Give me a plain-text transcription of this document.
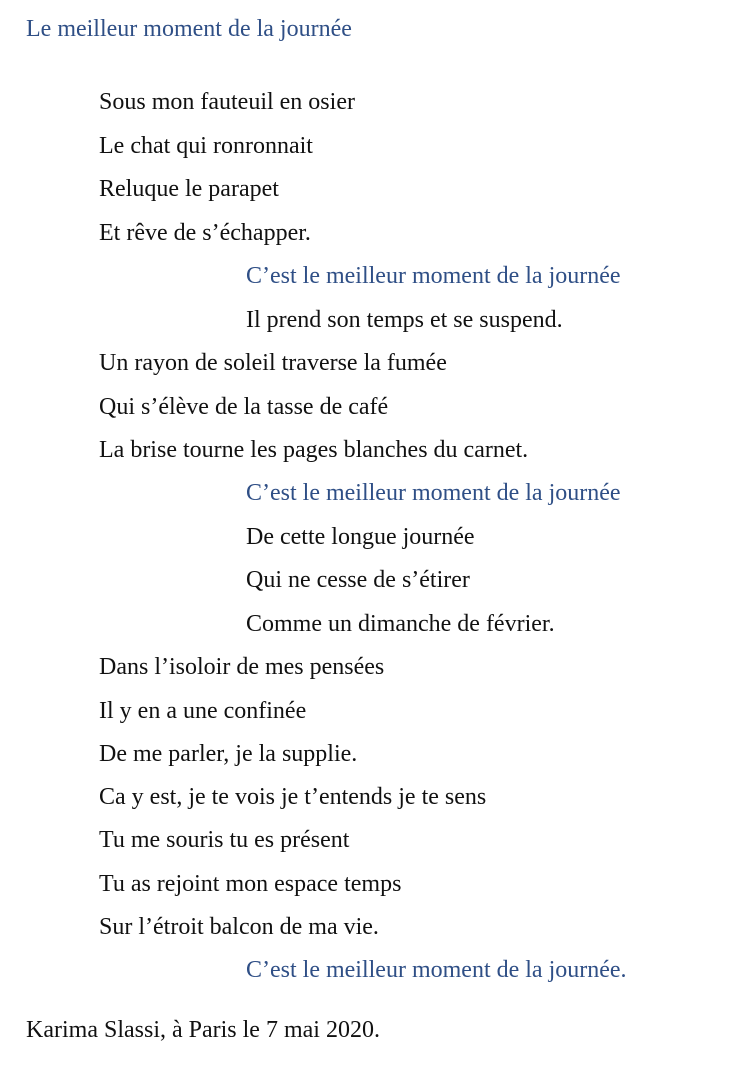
Le meilleur moment de la journée
Sous mon fauteuil en osier
Le chat qui ronronnait
Reluque le parapet
Et rêve de s’échapper.
C’est le meilleur moment de la journée
Il prend son temps et se suspend.
Un rayon de soleil traverse la fumée
Qui s’élève de la tasse de café
La brise tourne les pages blanches du carnet.
C’est le meilleur moment de la journée
De cette longue journée
Qui ne cesse de s’étirer
Comme un dimanche de février.
Dans l’isoloir de mes pensées
Il y en a une confinée
De me parler, je la supplie.
Ca y est, je te vois je t’entends je te sens
Tu me souris tu es présent
Tu as rejoint mon espace temps
Sur l’étroit balcon de ma vie.
C’est le meilleur moment de la journée.
Karima Slassi, à Paris le 7 mai 2020.
